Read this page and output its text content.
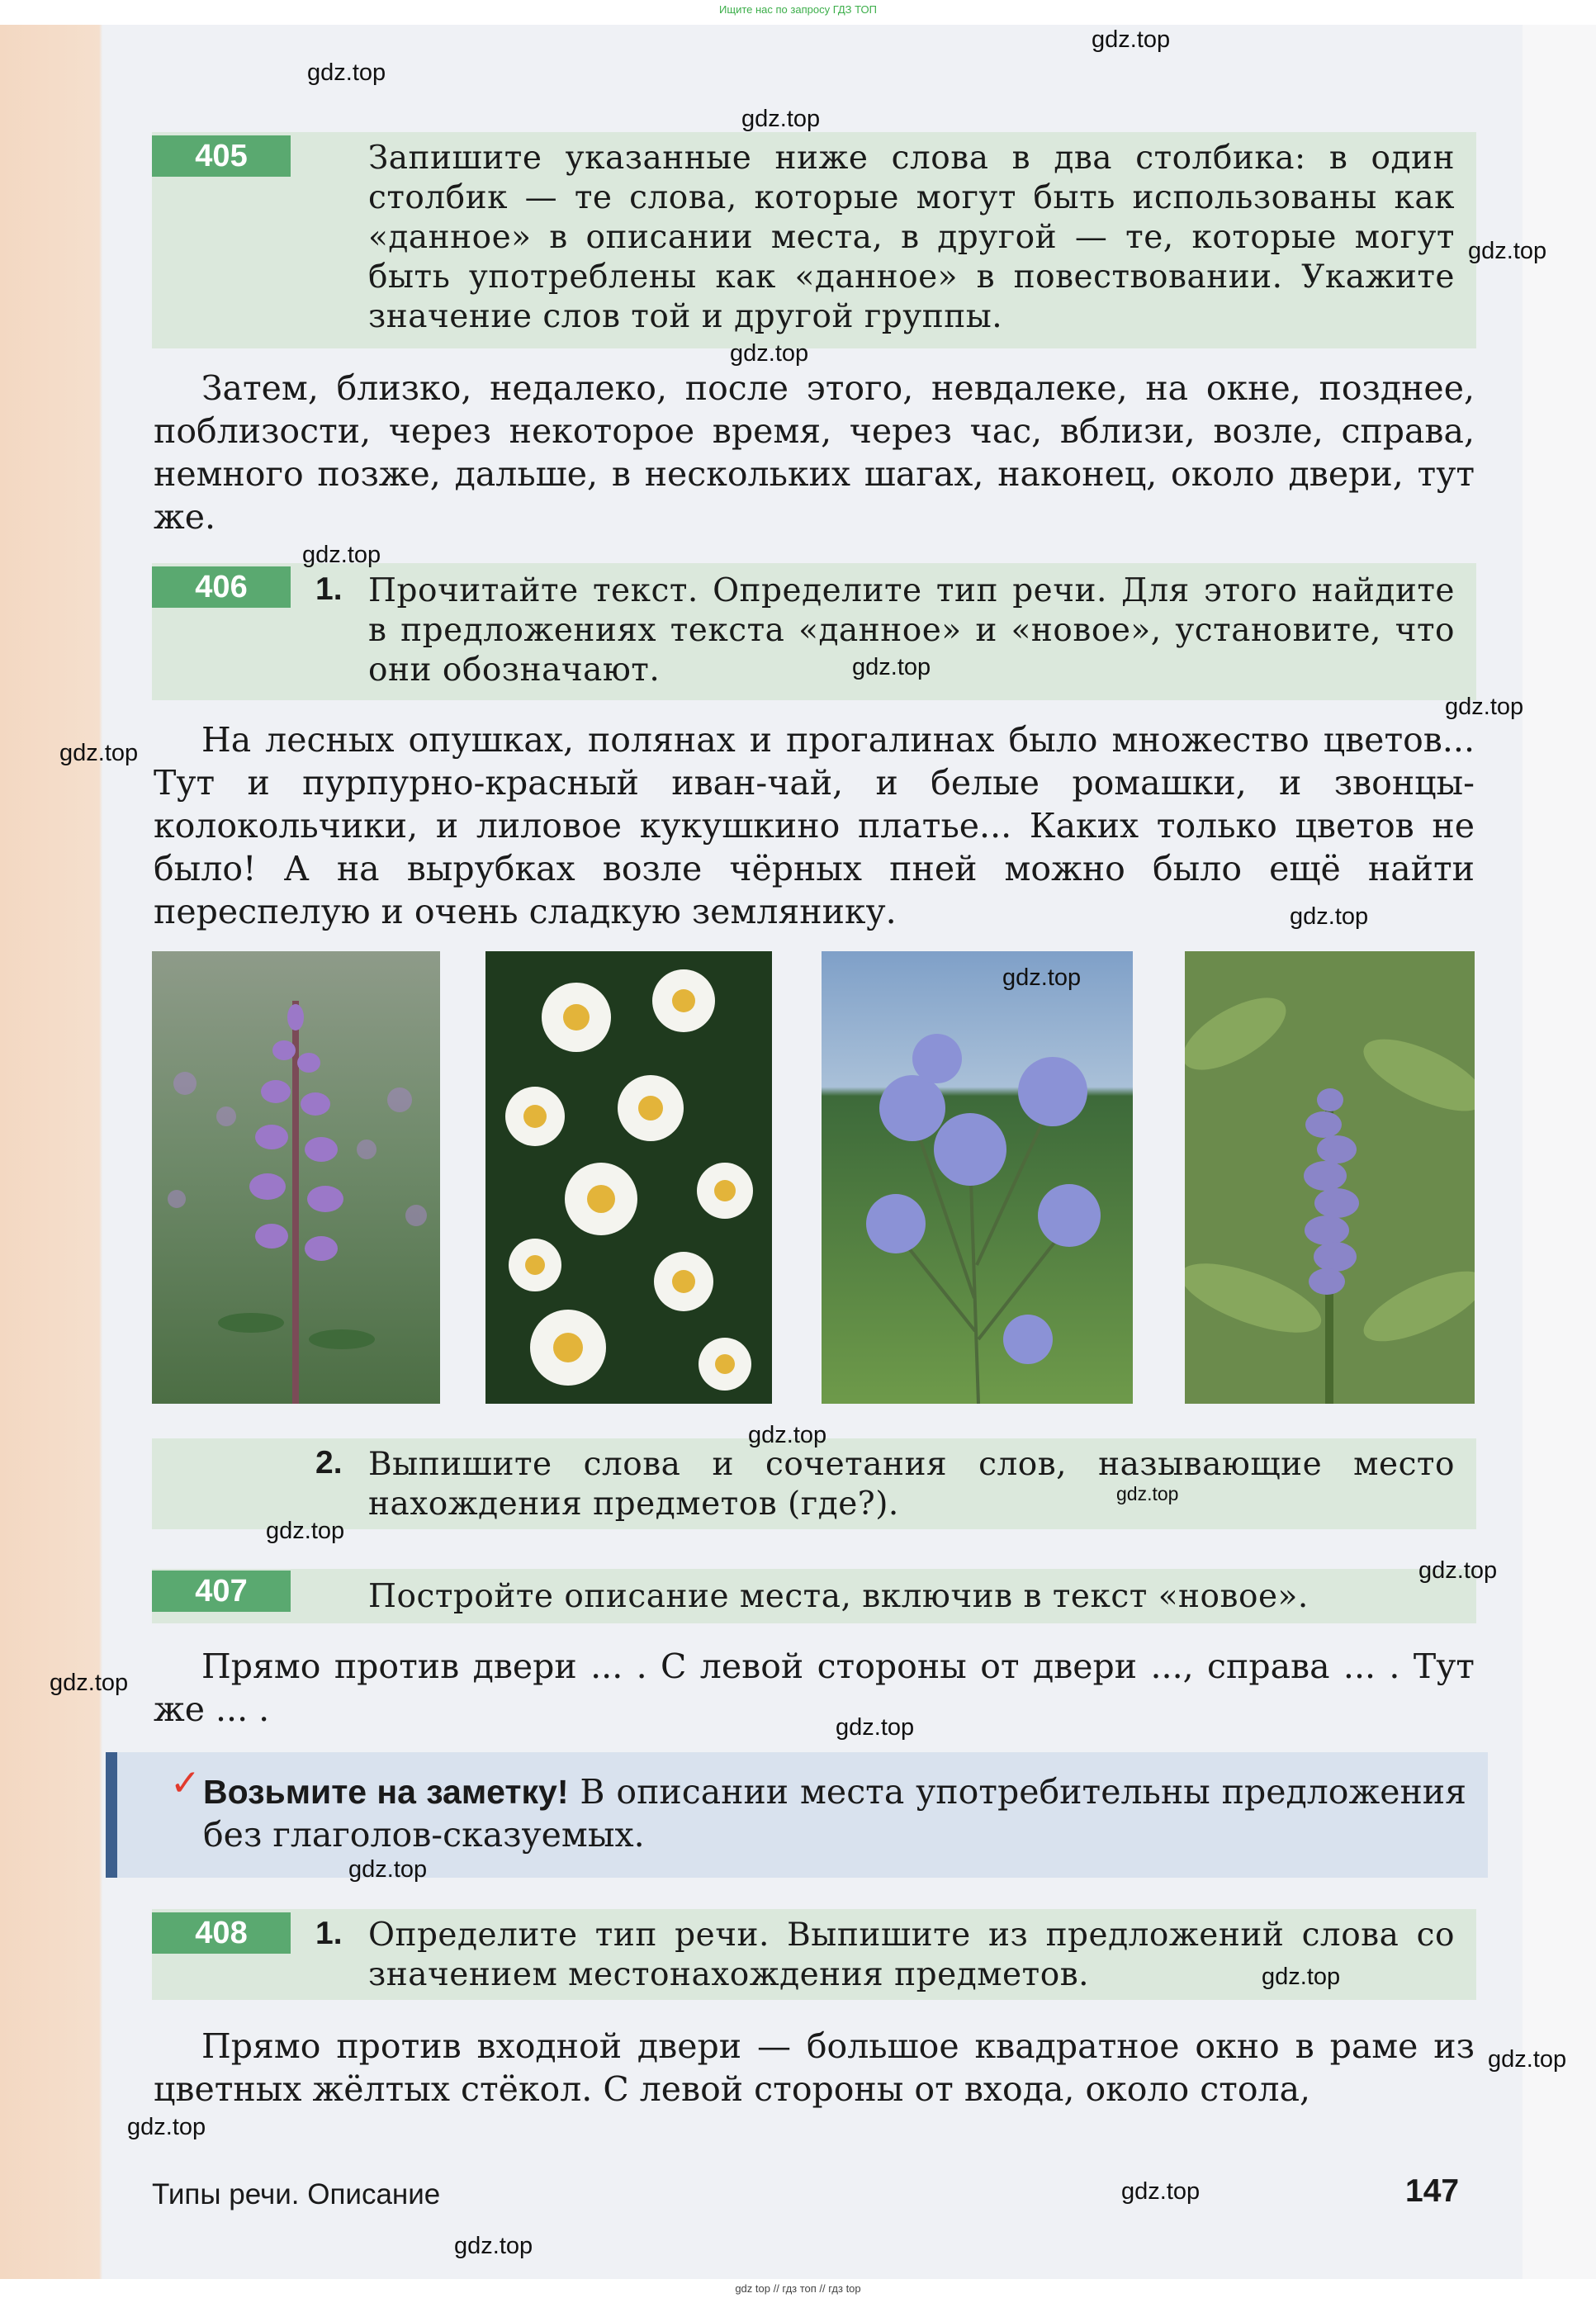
Ищите нас по запросу ГДЗ ТОП
405	Запишите указанные ниже слова в два столбика: в один столбик — те слова, которые могут быть использованы как «данное» в описании места, в другой — те, которые могут быть употреблены как «данное» в повествовании. Укажите значение слов той и другой группы.
Затем, близко, недалеко, после этого, невдалеке, на окне, позднее, поблизости, через некоторое время, через час, вблизи, возле, справа, немного позже, дальше, в нескольких шагах, наконец, около двери, тут же.
406	1. Прочитайте текст. Определите тип речи. Для этого найдите в предложениях текста «данное» и «новое», установите, что они обозначают.
На лесных опушках, полянах и прогалинах было множество цветов... Тут и пурпурно-красный иван-чай, и белые ромашки, и звонцы-колокольчики, и лиловое кукушкино платье... Каких только цветов не было! А на вырубках возле чёрных пней можно было ещё найти переспелую и очень сладкую землянику.
2. Выпишите слова и сочетания слов, называющие место нахождения предметов (где?).
407	Постройте описание места, включив в текст «новое».
Прямо против двери ... . С левой стороны от двери ..., справа ... . Тут же ... .
✓ Возьмите на заметку! В описании места употребительны предложения без глаголов-сказуемых.
408	1. Определите тип речи. Выпишите из предложений слова со значением местонахождения предметов.
Прямо против входной двери — большое квадратное окно в раме из цветных жёлтых стёкол. С левой стороны от входа, около стола,
Типы речи. Описание	147
gdz top // гдз топ // гдз top
gdz.top
gdz.top
gdz.top
gdz.top
gdz.top
gdz.top
gdz.top
gdz.top
gdz.top
gdz.top
gdz.top
gdz.top
gdz.top
gdz.top
gdz.top
gdz.top
gdz.top
gdz.top
gdz.top
gdz.top
gdz.top
gdz.top
gdz.top
